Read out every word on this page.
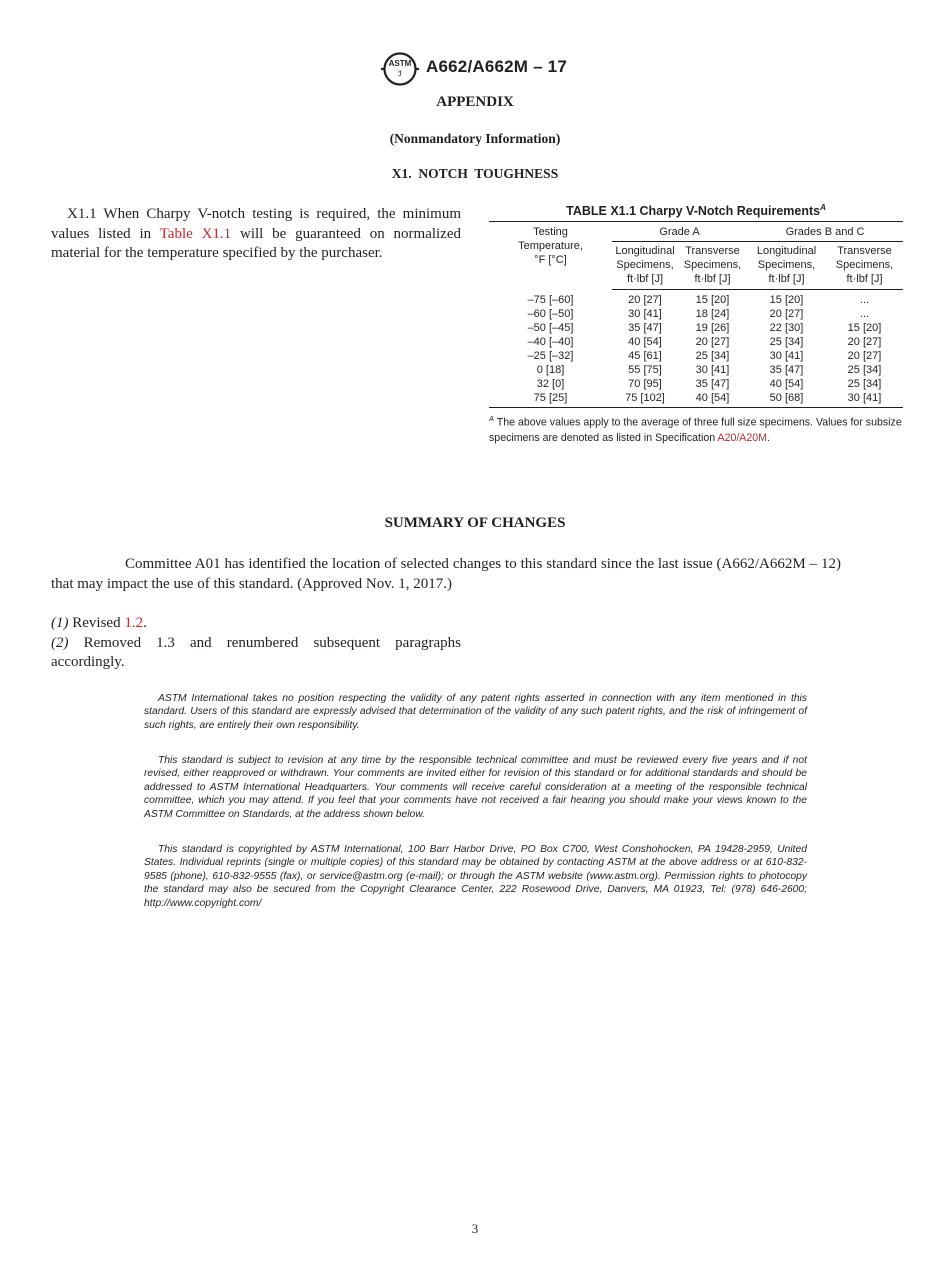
ASTM
ℐ A662/A662M – 17
APPENDIX
(Nonmandatory Information)
X1.  NOTCH  TOUGHNESS
X1.1 When Charpy V-notch testing is required, the minimum values listed in Table X1.1 will be guaranteed on normalized material for the temperature specified by the purchaser.
TABLE X1.1 Charpy V-Notch Requirements$^A$
Testing Temperature, °F [°C]	Grade A		Grades B and C	

	Longitudinal Specimens, ft·lbf [J]	Transverse Specimens, ft·lbf [J]	Longitudinal Specimens, ft·lbf [J]	Transverse Specimens, ft·lbf [J]

–75 [–60]	20 [27]	15 [20]	15 [20]	...
–60 [–50]	30 [41]	18 [24]	20 [27]	...
–50 [–45]	35 [47]	19 [26]	22 [30]	15 [20]
–40 [–40]	40 [54]	20 [27]	25 [34]	20 [27]
–25 [–32]	45 [61]	25 [34]	30 [41]	20 [27]
0 [18]	55 [75]	30 [41]	35 [47]	25 [34]
32 [0]	70 [95]	35 [47]	40 [54]	25 [34]
75 [25]	75 [102]	40 [54]	50 [68]	30 [41]
$^A$ The above values apply to the average of three full size specimens. Values for subsize specimens are denoted as listed in Specification A20/A20M.
SUMMARY OF CHANGES
Committee A01 has identified the location of selected changes to this standard since the last issue (A662/A662M – 12) that may impact the use of this standard. (Approved Nov. 1, 2017.)
(1) Revised 1.2.
(2) Removed 1.3 and renumbered subsequent paragraphs accordingly.
ASTM International takes no position respecting the validity of any patent rights asserted in connection with any item mentioned in this standard. Users of this standard are expressly advised that determination of the validity of any such patent rights, and the risk of infringement of such rights, are entirely their own responsibility.
This standard is subject to revision at any time by the responsible technical committee and must be reviewed every five years and if not revised, either reapproved or withdrawn. Your comments are invited either for revision of this standard or for additional standards and should be addressed to ASTM International Headquarters. Your comments will receive careful consideration at a meeting of the responsible technical committee, which you may attend. If you feel that your comments have not received a fair hearing you should make your views known to the ASTM Committee on Standards, at the address shown below.
This standard is copyrighted by ASTM International, 100 Barr Harbor Drive, PO Box C700, West Conshohocken, PA 19428-2959, United States. Individual reprints (single or multiple copies) of this standard may be obtained by contacting ASTM at the above address or at 610-832-9585 (phone), 610-832-9555 (fax), or service@astm.org (e-mail); or through the ASTM website (www.astm.org). Permission rights to photocopy the standard may also be secured from the Copyright Clearance Center, 222 Rosewood Drive, Danvers, MA 01923, Tel: (978) 646-2600; http://www.copyright.com/
3
